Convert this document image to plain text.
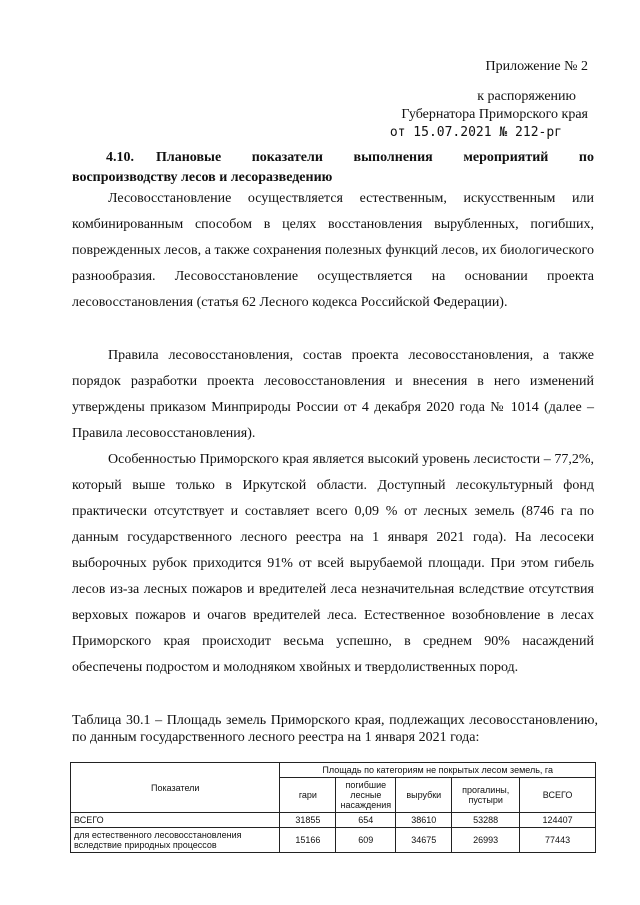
Приложение № 2
к распоряжению
Губернатора Приморского края
от 15.07.2021 № 212-рг
4.10. Плановые показатели выполнения мероприятий по воспроизводству лесов и лесоразведению

Лесовосстановление осуществляется естественным, искусственным или комбинированным способом в целях восстановления вырубленных, погибших, поврежденных лесов, а также сохранения полезных функций лесов, их биологического разнообразия. Лесовосстановление осуществляется на основании проекта лесовосстановления (статья 62 Лесного кодекса Российской Федерации).

Правила лесовосстановления, состав проекта лесовосстановления, а также порядок разработки проекта лесовосстановления и внесения в него изменений утверждены приказом Минприроды России от 4 декабря 2020 года № 1014 (далее – Правила лесовосстановления).

Особенностью Приморского края является высокий уровень лесистости – 77,2%, который выше только в Иркутской области. Доступный лесокультурный фонд практически отсутствует и составляет всего 0,09 % от лесных земель (8746 га по данным государственного лесного реестра на 1 января 2021 года). На лесосеки выборочных рубок приходится 91% от всей вырубаемой площади. При этом гибель лесов из-за лесных пожаров и вредителей леса незначительная вследствие отсутствия верховых пожаров и очагов вредителей леса. Естественное возобновление в лесах Приморского края происходит весьма успешно, в среднем 90% насаждений обеспечены подростом и молодняком хвойных и твердолиственных пород.

Таблица 30.1 – Площадь земель Приморского края, подлежащих лесовосстановлению, по данным государственного лесного реестра на 1 января 2021 года:
Показатели	Площадь по категориям не покрытых лесом земель, га				
	гари	погибшие лесные насаждения	вырубки	прогалины, пустыри	ВСЕГО
ВСЕГО	31855	654	38610	53288	124407
для естественного лесовосстановления вследствие природных процессов	15166	609	34675	26993	77443
